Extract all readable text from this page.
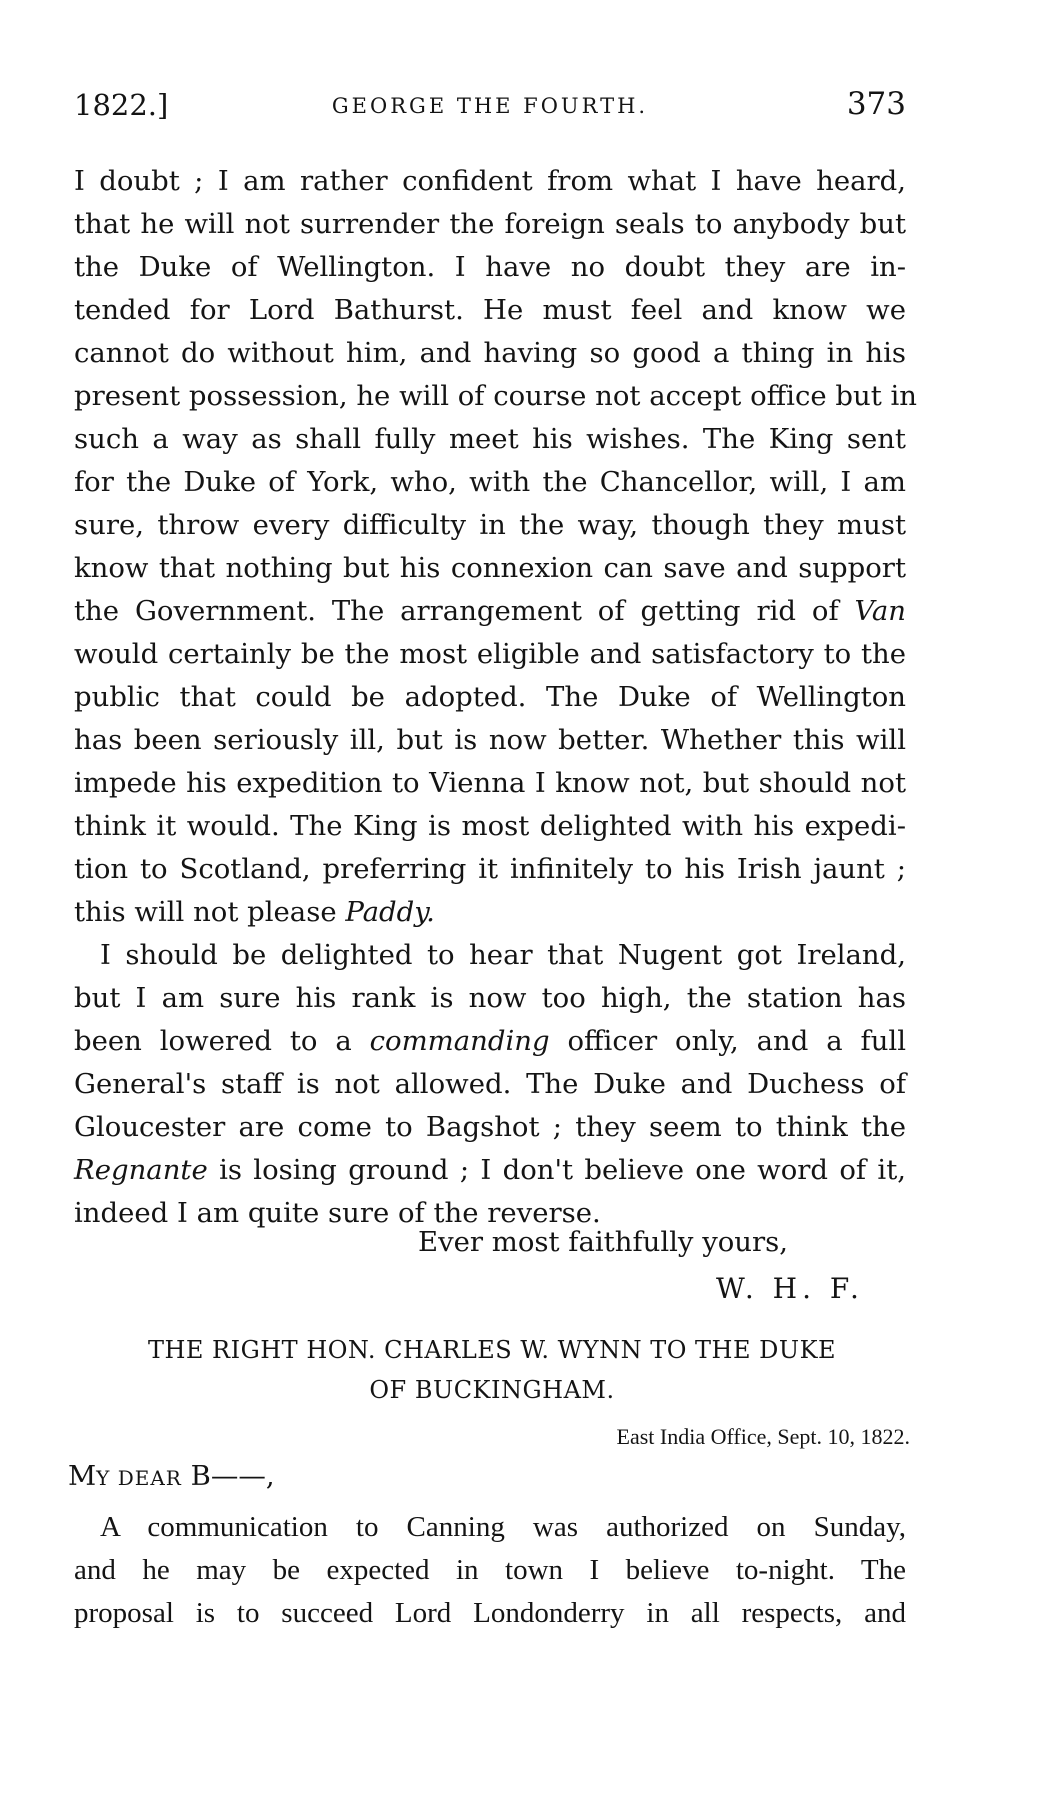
1822.]	GEORGE THE FOURTH.	373
I doubt ; I am rather confident from what I have heard,
that he will not surrender the foreign seals to anybody but
the Duke of Wellington. I have no doubt they are in-
tended for Lord Bathurst. He must feel and know we
cannot do without him, and having so good a thing in his
present possession, he will of course not accept office but in
such a way as shall fully meet his wishes. The King sent
for the Duke of York, who, with the Chancellor, will, I am
sure, throw every difficulty in the way, though they must
know that nothing but his connexion can save and support
the Government. The arrangement of getting rid of Van
would certainly be the most eligible and satisfactory to the
public that could be adopted. The Duke of Wellington
has been seriously ill, but is now better. Whether this will
impede his expedition to Vienna I know not, but should not
think it would. The King is most delighted with his expedi-
tion to Scotland, preferring it infinitely to his Irish jaunt ;
this will not please Paddy.
I should be delighted to hear that Nugent got Ireland,
but I am sure his rank is now too high, the station has
been lowered to a commanding officer only, and a full
General's staff is not allowed. The Duke and Duchess of
Gloucester are come to Bagshot ; they seem to think the
Regnante is losing ground ; I don't believe one word of it,
indeed I am quite sure of the reverse.
Ever most faithfully yours,
W. H. F.
THE RIGHT HON. CHARLES W. WYNN TO THE DUKE
OF BUCKINGHAM.
East India Office, Sept. 10, 1822.
MY DEAR B——,
A communication to Canning was authorized on Sunday,
and he may be expected in town I believe to-night. The
proposal is to succeed Lord Londonderry in all respects, and
